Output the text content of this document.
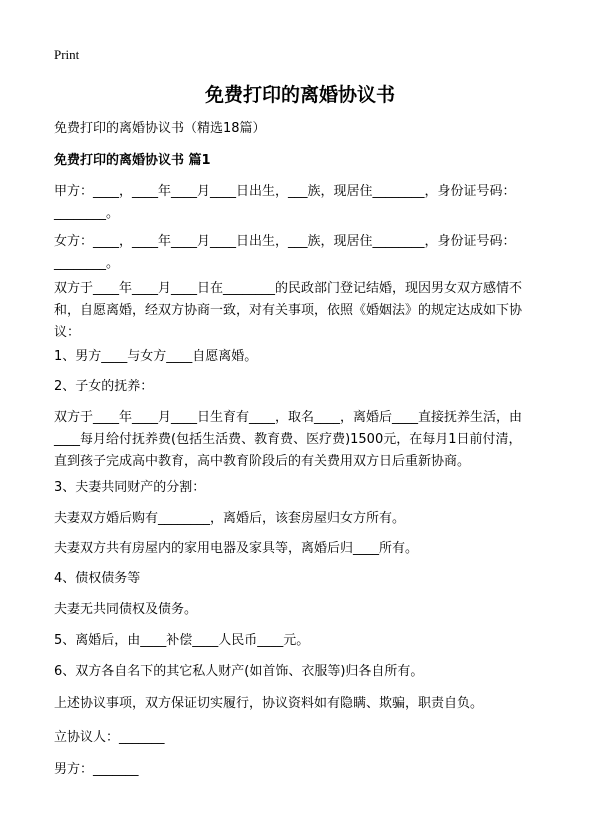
Print
免费打印的离婚协议书
免费打印的离婚协议书（精选18篇）
免费打印的离婚协议书 篇1
甲方：____，____年____月____日出生，___族，现居住________，身份证号码：
________。
女方：____，____年____月____日出生，___族，现居住________，身份证号码：
________。
双方于____年____月____日在________的民政部门登记结婚，现因男女双方感情不
和，自愿离婚，经双方协商一致，对有关事项，依照《婚姻法》的规定达成如下协
议：
1、男方____与女方____自愿离婚。
2、子女的抚养：
双方于____年____月____日生育有____，取名____，离婚后____直接抚养生活，由
____每月给付抚养费(包括生活费、教育费、医疗费)1500元，在每月1日前付清，
直到孩子完成高中教育，高中教育阶段后的有关费用双方日后重新协商。
3、夫妻共同财产的分割：
夫妻双方婚后购有________，离婚后，该套房屋归女方所有。
夫妻双方共有房屋内的家用电器及家具等，离婚后归____所有。
4、债权债务等
夫妻无共同债权及债务。
5、离婚后，由____补偿____人民币____元。
6、双方各自名下的其它私人财产(如首饰、衣服等)归各自所有。
上述协议事项，双方保证切实履行，协议资料如有隐瞒、欺骗，职责自负。
立协议人：_______
男方：_______
